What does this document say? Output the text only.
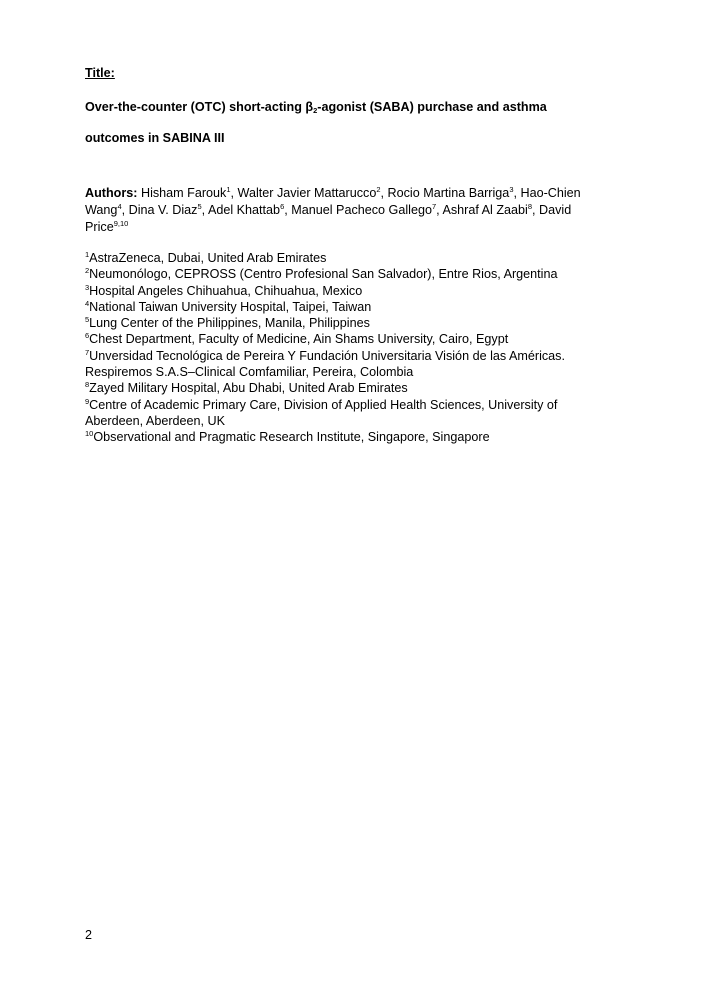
Title:
Over-the-counter (OTC) short-acting $\beta_2$-agonist (SABA) purchase and asthma
outcomes in SABINA III
Authors: Hisham Farouk$^1$, Walter Javier Mattarucco$^2$, Rocio Martina Barriga$^3$, Hao-Chien Wang$^4$, Dina V. Diaz$^5$, Adel Khattab$^6$, Manuel Pacheco Gallego$^7$, Ashraf Al Zaabi$^8$, David Price$^{9,10}$
$^1$AstraZeneca, Dubai, United Arab Emirates
$^2$Neumonólogo, CEPROSS (Centro Profesional San Salvador), Entre Rios, Argentina
$^3$Hospital Angeles Chihuahua, Chihuahua, Mexico
$^4$National Taiwan University Hospital, Taipei, Taiwan
$^5$Lung Center of the Philippines, Manila, Philippines
$^6$Chest Department, Faculty of Medicine, Ain Shams University, Cairo, Egypt
$^7$Unversidad Tecnológica de Pereira Y Fundación Universitaria Visión de las Américas. Respiremos S.A.S–Clinical Comfamiliar, Pereira, Colombia
$^8$Zayed Military Hospital, Abu Dhabi, United Arab Emirates
$^9$Centre of Academic Primary Care, Division of Applied Health Sciences, University of Aberdeen, Aberdeen, UK
$^{10}$Observational and Pragmatic Research Institute, Singapore, Singapore
2
